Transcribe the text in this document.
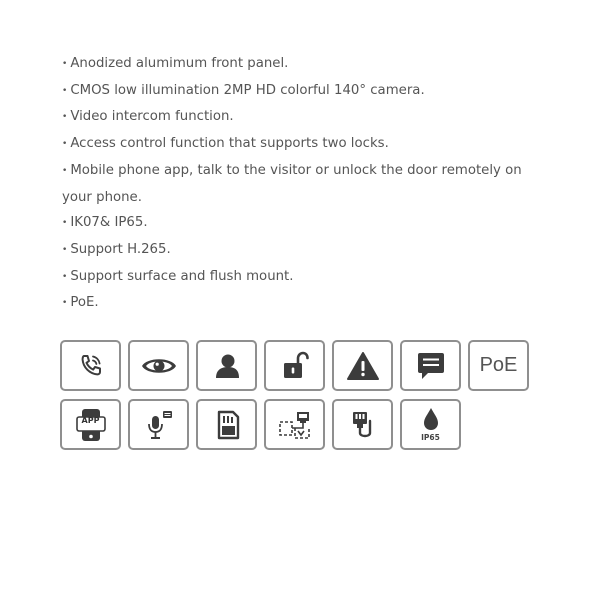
• Anodized alumimum front panel.
• CMOS low illumination 2MP HD colorful 140° camera.
• Video intercom function.
• Access control function that supports two locks.
• Mobile phone app, talk to the visitor or unlock the door remotely on
your phone.
• IK07& IP65.
• Support H.265.
• Support surface and flush mount.
• PoE.
PoE
APP
IP65
